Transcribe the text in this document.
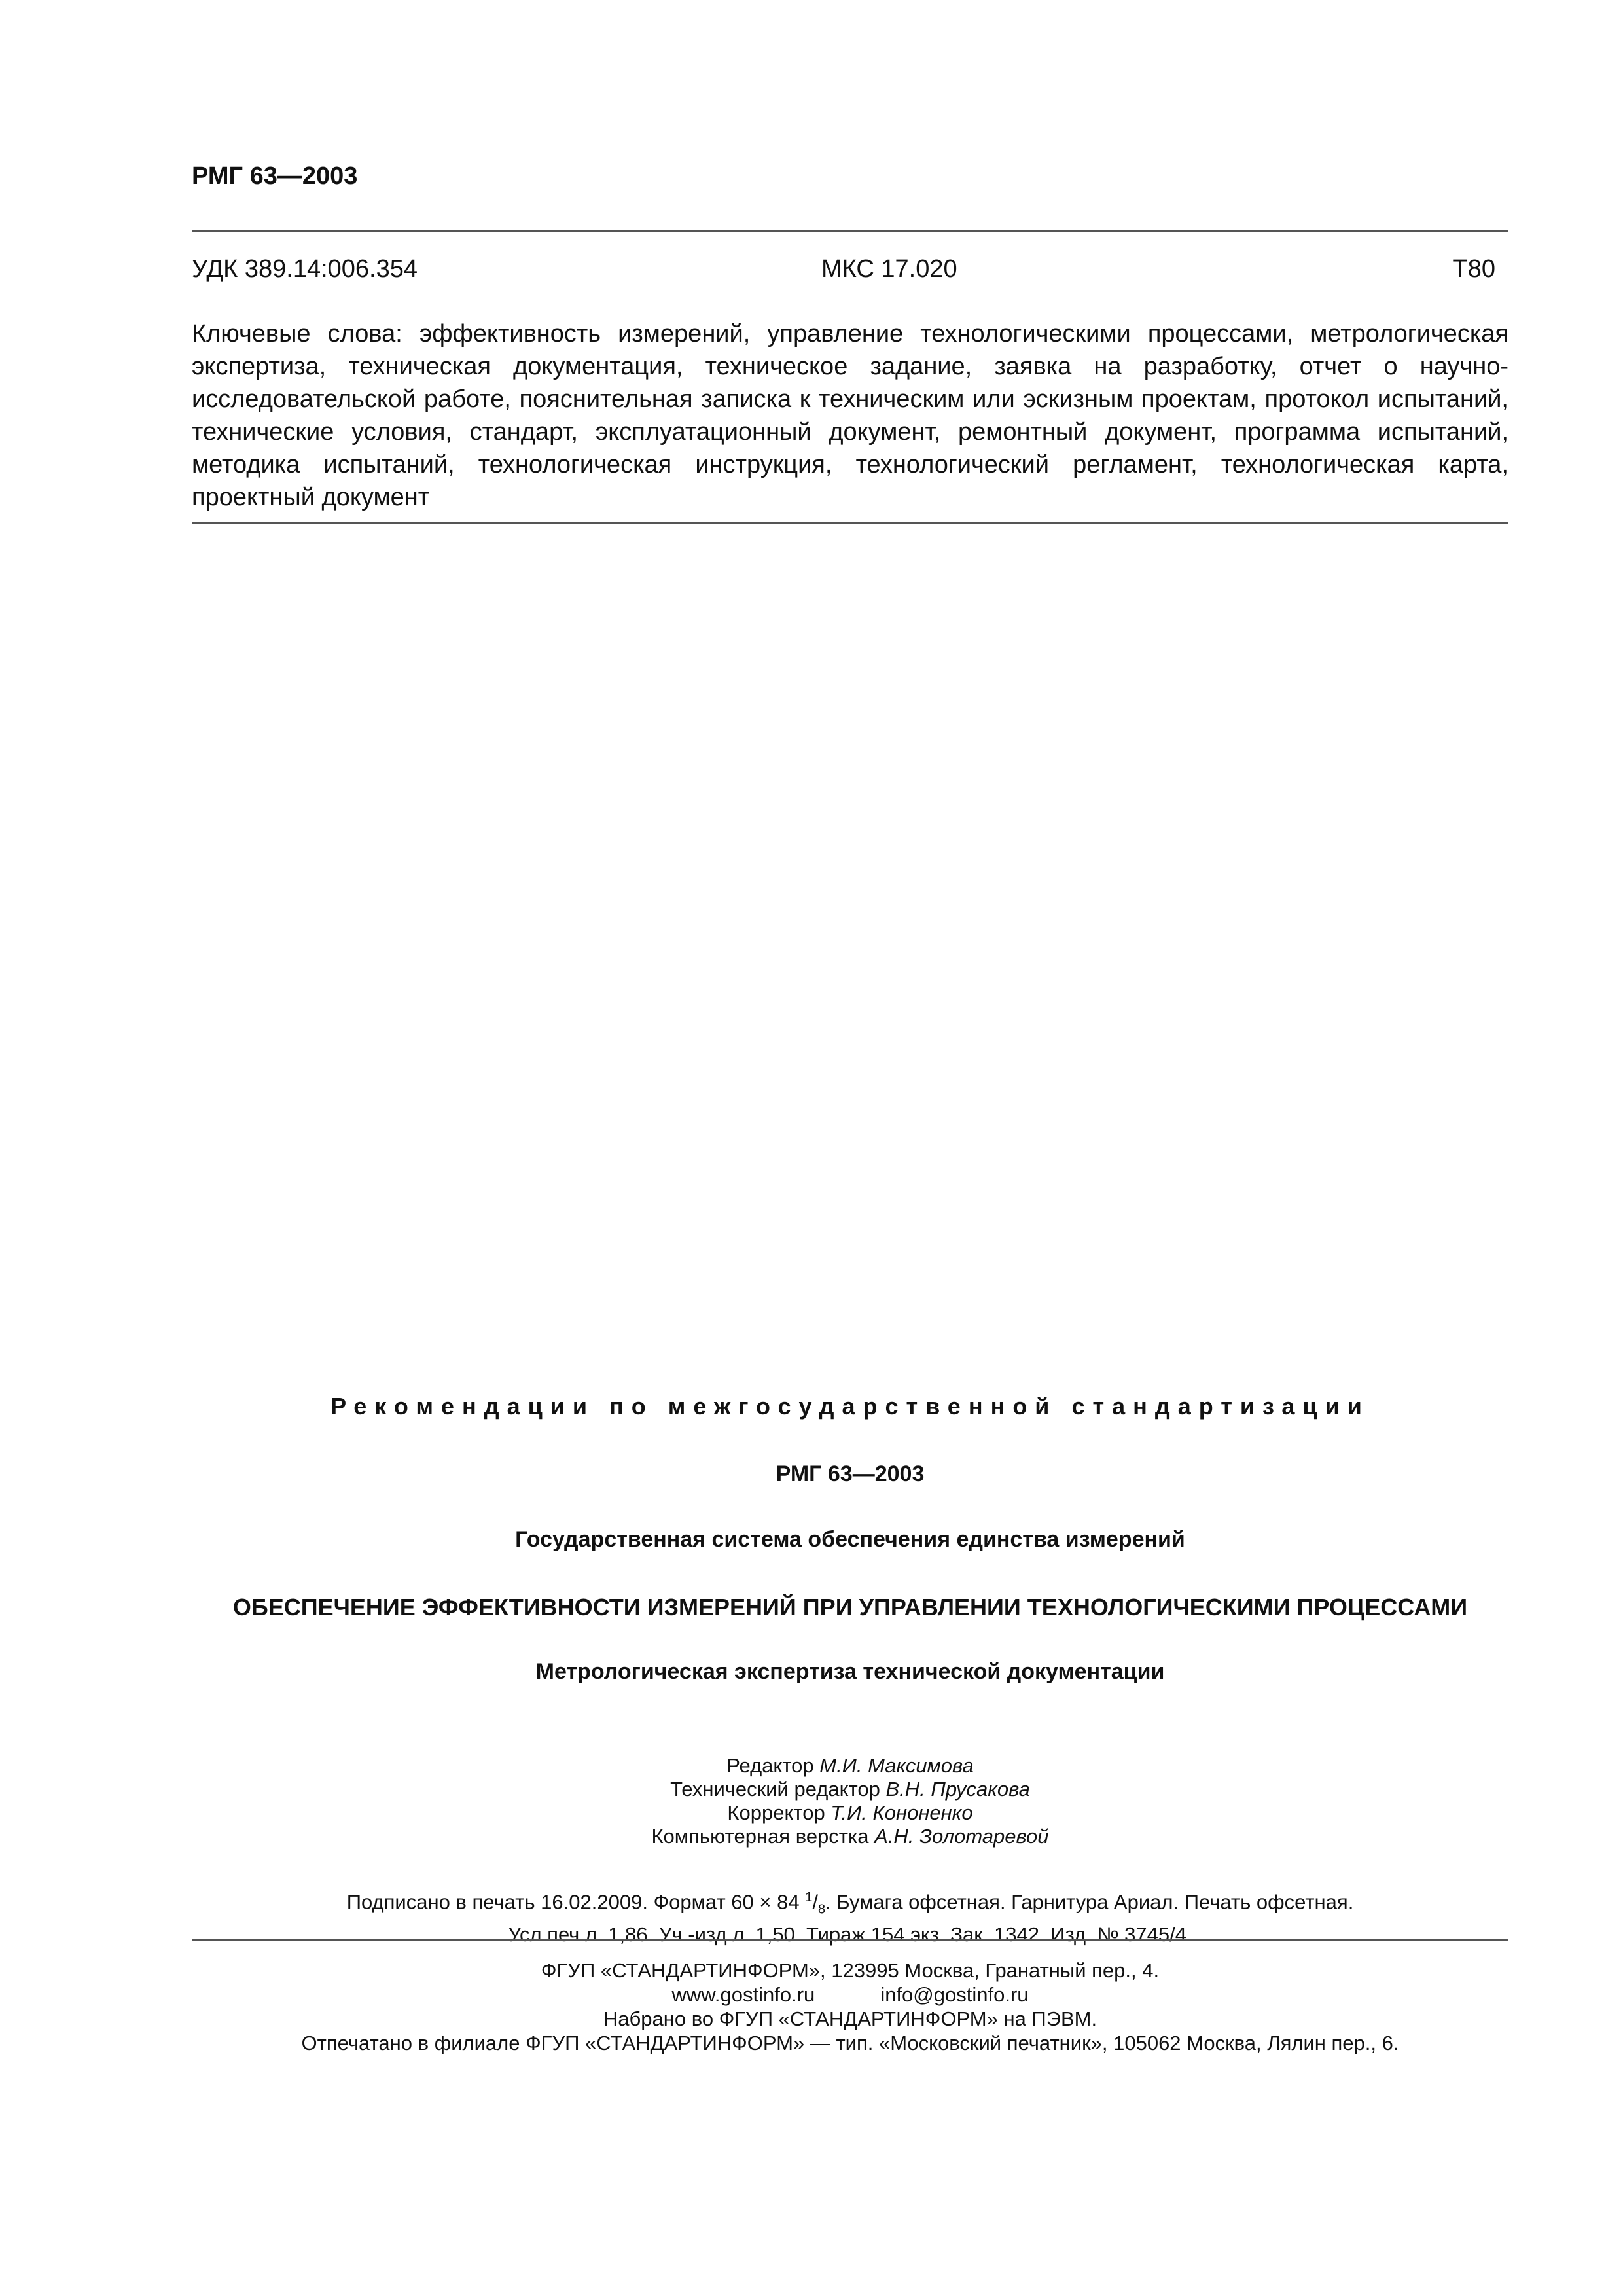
РМГ 63—2003
УДК 389.14:006.354	МКС 17.020	Т80

Ключевые слова: эффективность измерений, управление технологическими процессами, метрологическая экспертиза, техническая документация, техническое задание, заявка на разработку, отчет о научно-исследовательской работе, пояснительная записка к техническим или эскизным проектам, протокол испытаний, технические условия, стандарт, эксплуатационный документ, ремонтный документ, программа испытаний, методика испытаний, технологическая инструкция, технологический регламент, технологическая карта, проектный документ

Рекомендации по межгосударственной стандартизации
РМГ 63—2003
Государственная система обеспечения единства измерений
ОБЕСПЕЧЕНИЕ ЭФФЕКТИВНОСТИ ИЗМЕРЕНИЙ ПРИ УПРАВЛЕНИИ ТЕХНОЛОГИЧЕСКИМИ ПРОЦЕССАМИ
Метрологическая экспертиза технической документации
Редактор М.И. Максимова
Технический редактор В.Н. Прусакова
Корректор Т.И. Кононенко
Компьютерная верстка А.Н. Золотаревой
Подписано в печать 16.02.2009. Формат 60 × 84 $^1/_8$. Бумага офсетная. Гарнитура Ариал. Печать офсетная.
Усл.печ.л. 1,86. Уч.-изд.л. 1,50. Тираж 154 экз. Зак. 1342. Изд. № 3745/4.
ФГУП «СТАНДАРТИНФОРМ», 123995 Москва, Гранатный пер., 4.
www.gostinfo.ru	info@gostinfo.ru
Набрано во ФГУП «СТАНДАРТИНФОРМ» на ПЭВМ.
Отпечатано в филиале ФГУП «СТАНДАРТИНФОРМ» — тип. «Московский печатник», 105062 Москва, Лялин пер., 6.
